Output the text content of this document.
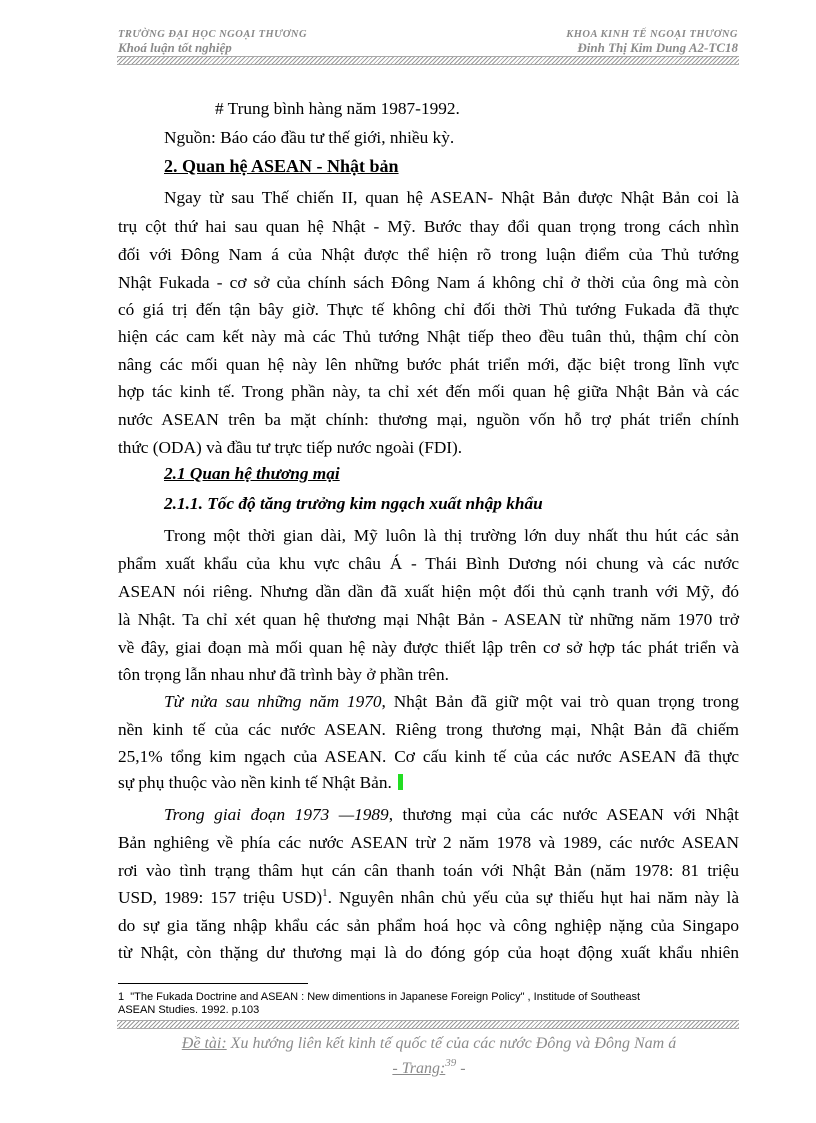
TRƯỜNG ĐẠI HỌC NGOẠI THƯƠNG	KHOA KINH TẾ NGOẠI THƯƠNG
Khoá luận tốt nghiệp	Đinh Thị Kim Dung A2-TC18
# Trung bình hàng năm 1987-1992.
Nguồn: Báo cáo đầu tư thế giới, nhiều kỳ.
2. Quan hệ ASEAN - Nhật bản
Ngay từ sau Thế chiến II, quan hệ ASEAN- Nhật Bản được Nhật Bản coi là
trụ cột thứ hai sau quan hệ Nhật - Mỹ. Bước thay đổi quan trọng trong cách nhìn
đối với Đông Nam á của Nhật được thể hiện rõ trong luận điểm của Thủ tướng
Nhật Fukada - cơ sở của chính sách Đông Nam á không chỉ ở thời của ông mà còn
có giá trị đến tận bây giờ. Thực tế không chỉ đối thời Thủ tướng Fukada đã thực
hiện các cam kết này mà các Thủ tướng Nhật tiếp theo đều tuân thủ, thậm chí còn
nâng các mối quan hệ này lên những bước phát triển mới, đặc biệt trong lĩnh vực
hợp tác kinh tế. Trong phần này, ta chỉ xét đến mối quan hệ giữa Nhật Bản và các
nước ASEAN trên ba mặt chính: thương mại, nguồn vốn hỗ trợ phát triển chính
thức (ODA) và đầu tư trực tiếp nước ngoài (FDI).
2.1 Quan hệ thương mại
2.1.1. Tốc độ tăng trưởng kim ngạch xuất nhập khẩu
Trong một thời gian dài, Mỹ luôn là thị trường lớn duy nhất thu hút các sản
phẩm xuất khẩu của khu vực châu Á - Thái Bình Dương nói chung và các nước
ASEAN nói riêng. Nhưng dần dần đã xuất hiện một đối thủ cạnh tranh với Mỹ, đó
là Nhật. Ta chỉ xét quan hệ thương mại Nhật Bản - ASEAN từ những năm 1970 trở
về đây, giai đoạn mà mối quan hệ này được thiết lập trên cơ sở hợp tác phát triển và
tôn trọng lẫn nhau như đã trình bày ở phần trên.
Từ nửa sau những năm 1970, Nhật Bản đã giữ một vai trò quan trọng trong
nền kinh tế của các nước ASEAN. Riêng trong thương mại, Nhật Bản đã chiếm
25,1% tổng kim ngạch của ASEAN. Cơ cấu kinh tế của các nước ASEAN đã thực
sự phụ thuộc vào nền kinh tế Nhật Bản.
Trong giai đoạn 1973 —1989, thương mại của các nước ASEAN với Nhật
Bản nghiêng về phía các nước ASEAN trừ 2 năm 1978 và 1989, các nước ASEAN
rơi vào tình trạng thâm hụt cán cân thanh toán với Nhật Bản (năm 1978: 81 triệu
USD, 1989: 157 triệu USD)$^1$. Nguyên nhân chủ yếu của sự thiếu hụt hai năm này là
do sự gia tăng nhập khẩu các sản phẩm hoá học và công nghiệp nặng của Singapo
từ Nhật, còn thặng dư thương mại là do đóng góp của hoạt động xuất khẩu nhiên
1 "The Fukada Doctrine and ASEAN : New dimentions in Japanese Foreign Policy" , Institude of Southeast
ASEAN Studies. 1992. p.103
Đề tài: Xu hướng liên kết kinh tế quốc tế của các nước Đông và Đông Nam á
- Trang:$^{39}$ -
